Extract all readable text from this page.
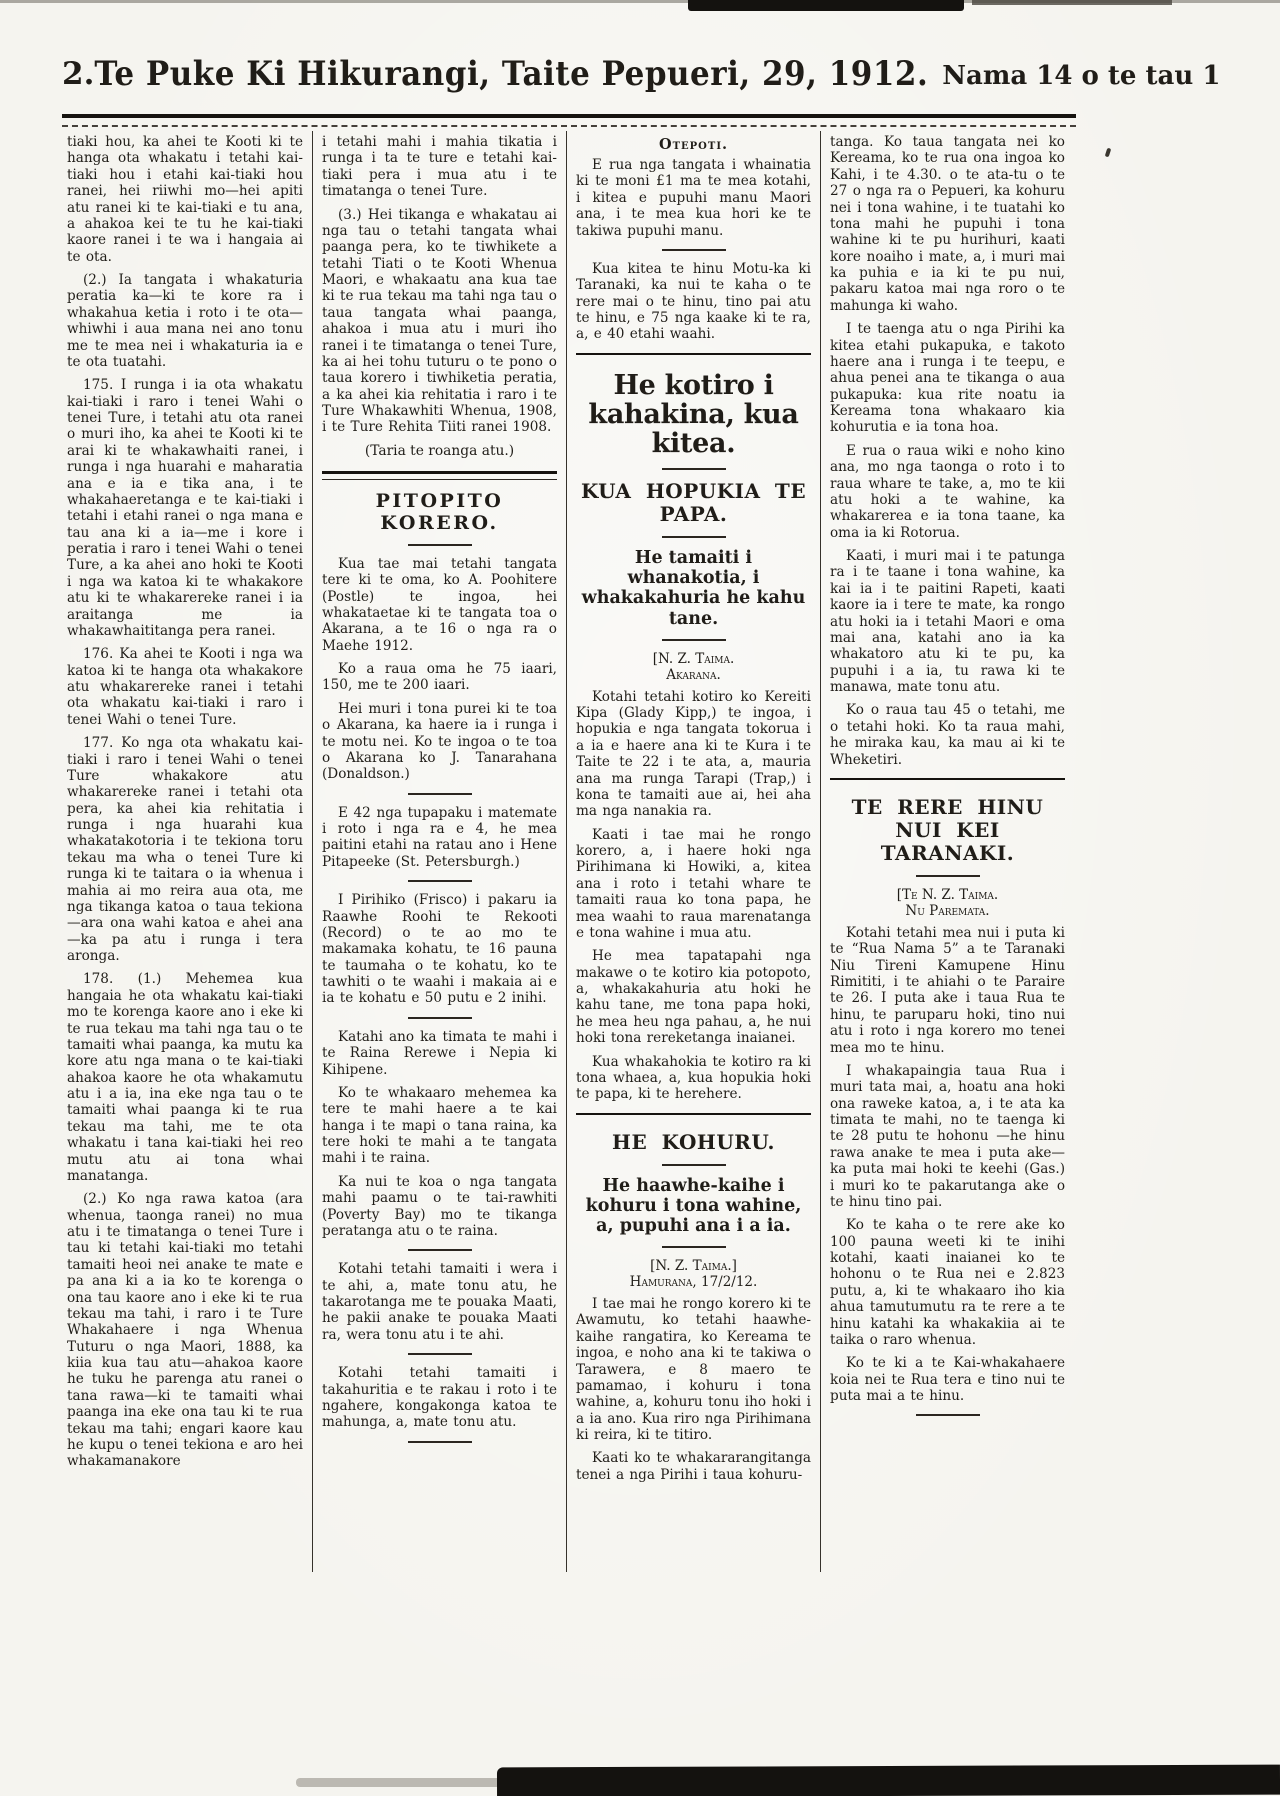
2. Te Puke Ki Hikurangi, Taite Pepueri, 29, 1912. Nama 14 o te tau 1

tiaki hou, ka ahei te Kooti ki te hanga ota whakatu i tetahi kai-tiaki hou i etahi kai-tiaki hou ranei, hei riiwhi mo—hei apiti atu ranei ki te kai-tiaki e tu ana, a ahakoa kei te tu he kai-tiaki kaore ranei i te wa i hangaia ai te ota.

(2.) Ia tangata i whakaturia peratia ka—ki te kore ra i whakahua ketia i roto i te ota—whiwhi i aua mana nei ano tonu me te mea nei i whakaturia ia e te ota tuatahi.

175. I runga i ia ota whakatu kai-tiaki i raro i tenei Wahi o tenei Ture, i tetahi atu ota ranei o muri iho, ka ahei te Kooti ki te arai ki te whakawhaiti ranei, i runga i nga huarahi e maharatia ana e ia e tika ana, i te whakahaeretanga e te kai-tiaki i tetahi i etahi ranei o nga mana e tau ana ki a ia—me i kore i peratia i raro i tenei Wahi o tenei Ture, a ka ahei ano hoki te Kooti i nga wa katoa ki te whakakore atu ki te whakarereke ranei i ia araitanga me ia whakawhaititanga pera ranei.

176. Ka ahei te Kooti i nga wa katoa ki te hanga ota whakakore atu whakarereke ranei i tetahi ota whakatu kai-tiaki i raro i tenei Wahi o tenei Ture.

177. Ko nga ota whakatu kai-tiaki i raro i tenei Wahi o tenei Ture whakakore atu whakarereke ranei i tetahi ota pera, ka ahei kia rehitatia i runga i nga huarahi kua whakatakotoria i te tekiona toru tekau ma wha o tenei Ture ki runga ki te taitara o ia whenua i mahia ai mo reira aua ota, me nga tikanga katoa o taua tekiona—ara ona wahi katoa e ahei ana—ka pa atu i runga i tera aronga.

178. (1.) Mehemea kua hangaia he ota whakatu kai-tiaki mo te korenga kaore ano i eke ki te rua tekau ma tahi nga tau o te tamaiti whai paanga, ka mutu ka kore atu nga mana o te kai-tiaki ahakoa kaore he ota whakamutu atu i a ia, ina eke nga tau o te tamaiti whai paanga ki te rua tekau ma tahi, me te ota whakatu i tana kai-tiaki hei reo mutu atu ai tona whai manatanga.

(2.) Ko nga rawa katoa (ara whenua, taonga ranei) no mua atu i te timatanga o tenei Ture i tau ki tetahi kai-tiaki mo tetahi tamaiti heoi nei anake te mate e pa ana ki a ia ko te korenga o ona tau kaore ano i eke ki te rua tekau ma tahi, i raro i te Ture Whakahaere i nga Whenua Tuturu o nga Maori, 1888, ka kiia kua tau atu—ahakoa kaore he tuku he parenga atu ranei o tana rawa—ki te tamaiti whai paanga ina eke ona tau ki te rua tekau ma tahi; engari kaore kau he kupu o tenei tekiona e aro hei whakamanakore

i tetahi mahi i mahia tikatia i runga i ta te ture e tetahi kai-tiaki pera i mua atu i te timatanga o tenei Ture.

(3.) Hei tikanga e whakatau ai nga tau o tetahi tangata whai paanga pera, ko te tiwhikete a tetahi Tiati o te Kooti Whenua Maori, e whakaatu ana kua tae ki te rua tekau ma tahi nga tau o taua tangata whai paanga, ahakoa i mua atu i muri iho ranei i te timatanga o tenei Ture, ka ai hei tohu tuturu o te pono o taua korero i tiwhiketia peratia, a ka ahei kia rehitatia i raro i te Ture Whakawhiti Whenua, 1908, i te Ture Rehita Tiiti ranei 1908.

(Taria te roanga atu.)

PITOPITO KORERO.

Kua tae mai tetahi tangata tere ki te oma, ko A. Poohitere (Postle) te ingoa, hei whakataetae ki te tangata toa o Akarana, a te 16 o nga ra o Maehe 1912.

Ko a raua oma he 75 iaari, 150, me te 200 iaari.

Hei muri i tona purei ki te toa o Akarana, ka haere ia i runga i te motu nei. Ko te ingoa o te toa o Akarana ko J. Tanarahana (Donaldson.)

E 42 nga tupapaku i matemate i roto i nga ra e 4, he mea paitini etahi na ratau ano i Hene Pitapeeke (St. Petersburgh.)

I Pirihiko (Frisco) i pakaru ia Raawhe Roohi te Rekooti (Record) o te ao mo te makamaka kohatu, te 16 pauna te taumaha o te kohatu, ko te tawhiti o te waahi i makaia ai e ia te kohatu e 50 putu e 2 inihi.

Katahi ano ka timata te mahi i te Raina Rerewe i Nepia ki Kihipene.

Ko te whakaaro mehemea ka tere te mahi haere a te kai hanga i te mapi o tana raina, ka tere hoki te mahi a te tangata mahi i te raina.

Ka nui te koa o nga tangata mahi paamu o te tai-rawhiti (Poverty Bay) mo te tikanga peratanga atu o te raina.

Kotahi tetahi tamaiti i wera i te ahi, a, mate tonu atu, he takarotanga me te pouaka Maati, he pakii anake te pouaka Maati ra, wera tonu atu i te ahi.

Kotahi tetahi tamaiti i takahuritia e te rakau i roto i te ngahere, kongakonga katoa te mahunga, a, mate tonu atu.

Otepoti.

E rua nga tangata i whainatia ki te moni £1 ma te mea kotahi, i kitea e pupuhi manu Maori ana, i te mea kua hori ke te takiwa pupuhi manu.

Kua kitea te hinu Motu-ka ki Taranaki, ka nui te kaha o te rere mai o te hinu, tino pai atu te hinu, e 75 nga kaake ki te ra, a, e 40 etahi waahi.

He kotiro i kahakina, kua kitea.
KUA HOPUKIA TE PAPA.
He tamaiti i whanakotia, i whakakahuria he kahu tane.

[N. Z. Taima.

Akarana.

Kotahi tetahi kotiro ko Kereiti Kipa (Glady Kipp,) te ingoa, i hopukia e nga tangata tokorua i a ia e haere ana ki te Kura i te Taite te 22 i te ata, a, mauria ana ma runga Tarapi (Trap,) i kona te tamaiti aue ai, hei aha ma nga nanakia ra.

Kaati i tae mai he rongo korero, a, i haere hoki nga Pirihimana ki Howiki, a, kitea ana i roto i tetahi whare te tamaiti raua ko tona papa, he mea waahi to raua marenatanga e tona wahine i mua atu.

He mea tapatapahi nga makawe o te kotiro kia potopoto, a, whakakahuria atu hoki he kahu tane, me tona papa hoki, he mea heu nga pahau, a, he nui hoki tona rereketanga inaianei.

Kua whakahokia te kotiro ra ki tona whaea, a, kua hopukia hoki te papa, ki te herehere.

HE KOHURU.
He haawhe-kaihe i kohuru i tona wahine, a, pupuhi ana i a ia.

[N. Z. Taima.]

Hamurana, 17/2/12.

I tae mai he rongo korero ki te Awamutu, ko tetahi haawhe-kaihe rangatira, ko Kereama te ingoa, e noho ana ki te takiwa o Tarawera, e 8 maero te pamamao, i kohuru i tona wahine, a, kohuru tonu iho hoki i a ia ano. Kua riro nga Pirihimana ki reira, ki te titiro.

Kaati ko te whakararangitanga tenei a nga Pirihi i taua kohuru-

tanga. Ko taua tangata nei ko Kereama, ko te rua ona ingoa ko Kahi, i te 4.30. o te ata-tu o te 27 o nga ra o Pepueri, ka kohuru nei i tona wahine, i te tuatahi ko tona mahi he pupuhi i tona wahine ki te pu hurihuri, kaati kore noaiho i mate, a, i muri mai ka puhia e ia ki te pu nui, pakaru katoa mai nga roro o te mahunga ki waho.

I te taenga atu o nga Pirihi ka kitea etahi pukapuka, e takoto haere ana i runga i te teepu, e ahua penei ana te tikanga o aua pukapuka: kua rite noatu ia Kereama tona whakaaro kia kohurutia e ia tona hoa.

E rua o raua wiki e noho kino ana, mo nga taonga o roto i to raua whare te take, a, mo te kii atu hoki a te wahine, ka whakarerea e ia tona taane, ka oma ia ki Rotorua.

Kaati, i muri mai i te patunga ra i te taane i tona wahine, ka kai ia i te paitini Rapeti, kaati kaore ia i tere te mate, ka rongo atu hoki ia i tetahi Maori e oma mai ana, katahi ano ia ka whakatoro atu ki te pu, ka pupuhi i a ia, tu rawa ki te manawa, mate tonu atu.

Ko o raua tau 45 o tetahi, me o tetahi hoki. Ko ta raua mahi, he miraka kau, ka mau ai ki te Wheketiri.

TE RERE HINU NUI KEI TARANAKI.

[Te N. Z. Taima.

Nu Paremata.

Kotahi tetahi mea nui i puta ki te “Rua Nama 5” a te Taranaki Niu Tireni Kamupene Hinu Rimititi, i te ahiahi o te Paraire te 26. I puta ake i taua Rua te hinu, te paruparu hoki, tino nui atu i roto i nga korero mo tenei mea mo te hinu.

I whakapaingia taua Rua i muri tata mai, a, hoatu ana hoki ona raweke katoa, a, i te ata ka timata te mahi, no te taenga ki te 28 putu te hohonu —he hinu rawa anake te mea i puta ake—ka puta mai hoki te keehi (Gas.) i muri ko te pakarutanga ake o te hinu tino pai.

Ko te kaha o te rere ake ko 100 pauna weeti ki te inihi kotahi, kaati inaianei ko te hohonu o te Rua nei e 2.823 putu, a, ki te whakaaro iho kia ahua tamutumutu ra te rere a te hinu katahi ka whakakiia ai te taika o raro whenua.

Ko te ki a te Kai-whakahaere koia nei te Rua tera e tino nui te puta mai a te hinu.
